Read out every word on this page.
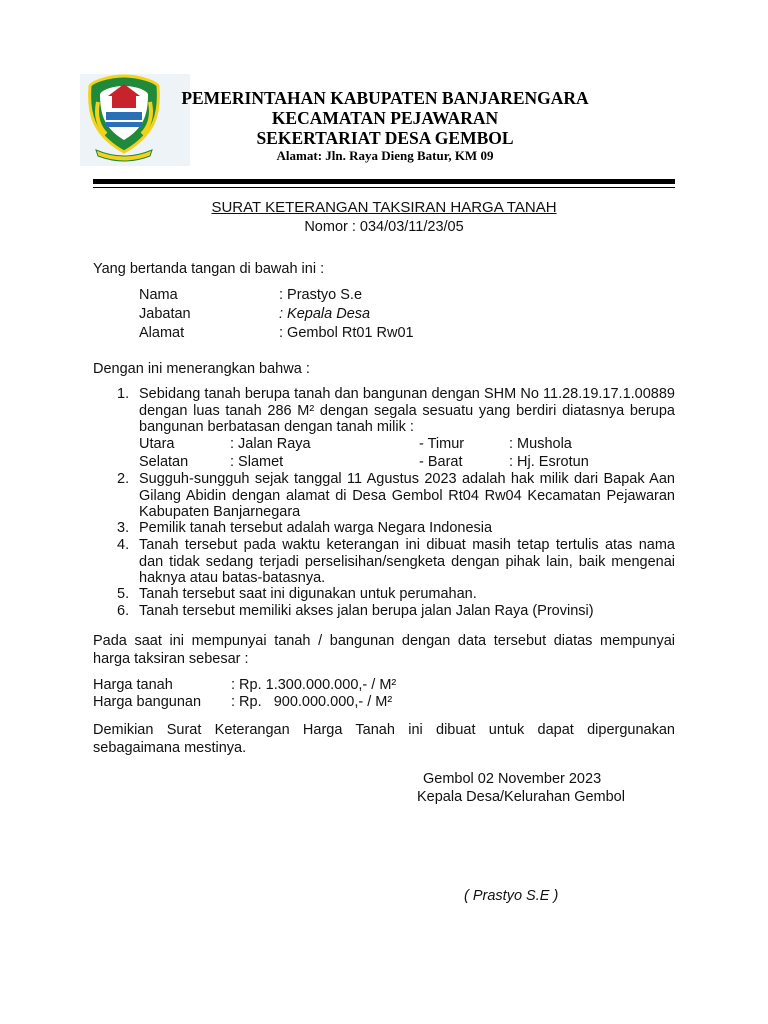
PEMERINTAHAN KABUPATEN BANJARENGARA
KECAMATAN PEJAWARAN
SEKERTARIAT DESA GEMBOL
Alamat: Jln. Raya Dieng Batur, KM 09
SURAT KETERANGAN TAKSIRAN HARGA TANAH
Nomor : 034/03/11/23/05
Yang bertanda tangan di bawah ini :
Nama	: Prastyo S.e
Jabatan	: Kepala Desa
Alamat	: Gembol Rt01 Rw01
Dengan ini menerangkan bahwa :
1. Sebidang tanah berupa tanah dan bangunan dengan SHM No 11.28.19.17.1.00889 dengan luas tanah 286 M² dengan segala sesuatu yang berdiri diatasnya berupa bangunan berbatasan dengan tanah milik :
Utara	: Jalan Raya	- Timur	: Mushola
Selatan	: Slamet	- Barat	: Hj. Esrotun
2. Sugguh-sungguh sejak tanggal 11 Agustus 2023 adalah hak milik dari Bapak Aan Gilang Abidin dengan alamat di Desa Gembol Rt04 Rw04 Kecamatan Pejawaran Kabupaten Banjarnegara
3. Pemilik tanah tersebut adalah warga Negara Indonesia
4. Tanah tersebut pada waktu keterangan ini dibuat masih tetap tertulis atas nama dan tidak sedang terjadi perselisihan/sengketa dengan pihak lain, baik mengenai haknya atau batas-batasnya.
5. Tanah tersebut saat ini digunakan untuk perumahan.
6. Tanah tersebut memiliki akses jalan berupa jalan Jalan Raya (Provinsi)
Pada saat ini mempunyai tanah / bangunan dengan data tersebut diatas mempunyai harga taksiran sebesar :
Harga tanah	: Rp. 1.300.000.000,- / M²
Harga bangunan : Rp.   900.000.000,- / M²
Demikian Surat Keterangan Harga Tanah ini dibuat untuk dapat dipergunakan sebagaimana mestinya.
Gembol 02 November 2023
Kepala Desa/Kelurahan Gembol
( Prastyo S.E )
